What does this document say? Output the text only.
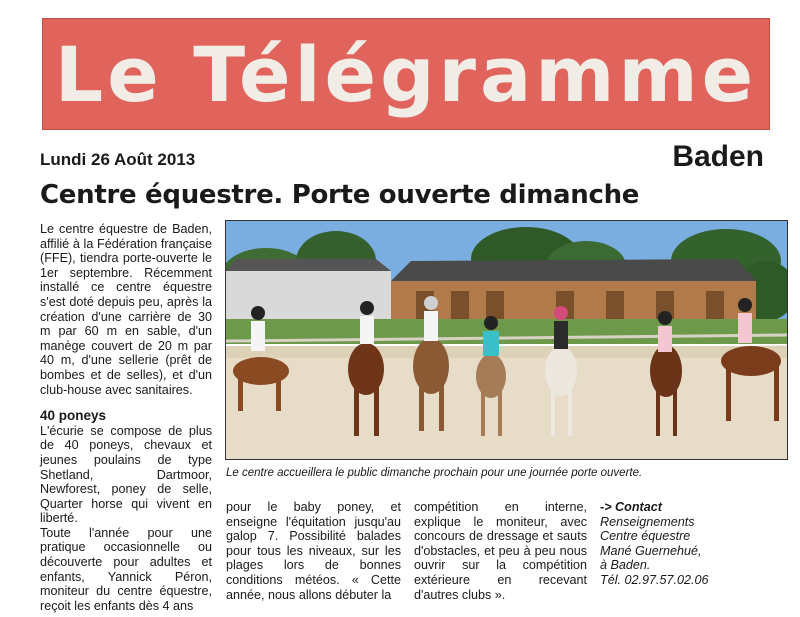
Le Télégramme
Lundi 26 Août 2013	Baden
Centre équestre. Porte ouverte dimanche

Le centre équestre de Baden, affilié à la Fédération française (FFE), tiendra porte-ouverte le 1er septembre. Récemment installé ce centre équestre s'est doté depuis peu, après la création d'une carrière de 30 m par 60 m en sable, d'un manège couvert de 20 m par 40 m, d'une sellerie (prêt de bombes et de selles), et d'un club-house avec sanitaires.

40 poneys

L'écurie se compose de plus de 40 poneys, chevaux et jeunes poulains de type Shetland, Dartmoor, Newforest, poney de selle, Quarter horse qui vivent en liberté.

Toute l'année pour une pratique occasionnelle ou découverte pour adultes et enfants, Yannick Péron, moniteur du centre équestre, reçoit les enfants dès 4 ans

Le centre accueillera le public dimanche prochain pour une journée porte ouverte.

pour le baby poney, et enseigne l'équitation jusqu'au galop 7. Possibilité balades pour tous les niveaux, sur les plages lors de bonnes conditions météos. « Cette année, nous allons débuter la

compétition en interne, explique le moniteur, avec concours de dressage et sauts d'obstacles, et peu à peu nous ouvrir sur la compétition extérieure en recevant d'autres clubs ».

-> Contact
Renseignements
Centre équestre
Mané Guernehué,
à Baden.
Tél. 02.97.57.02.06
